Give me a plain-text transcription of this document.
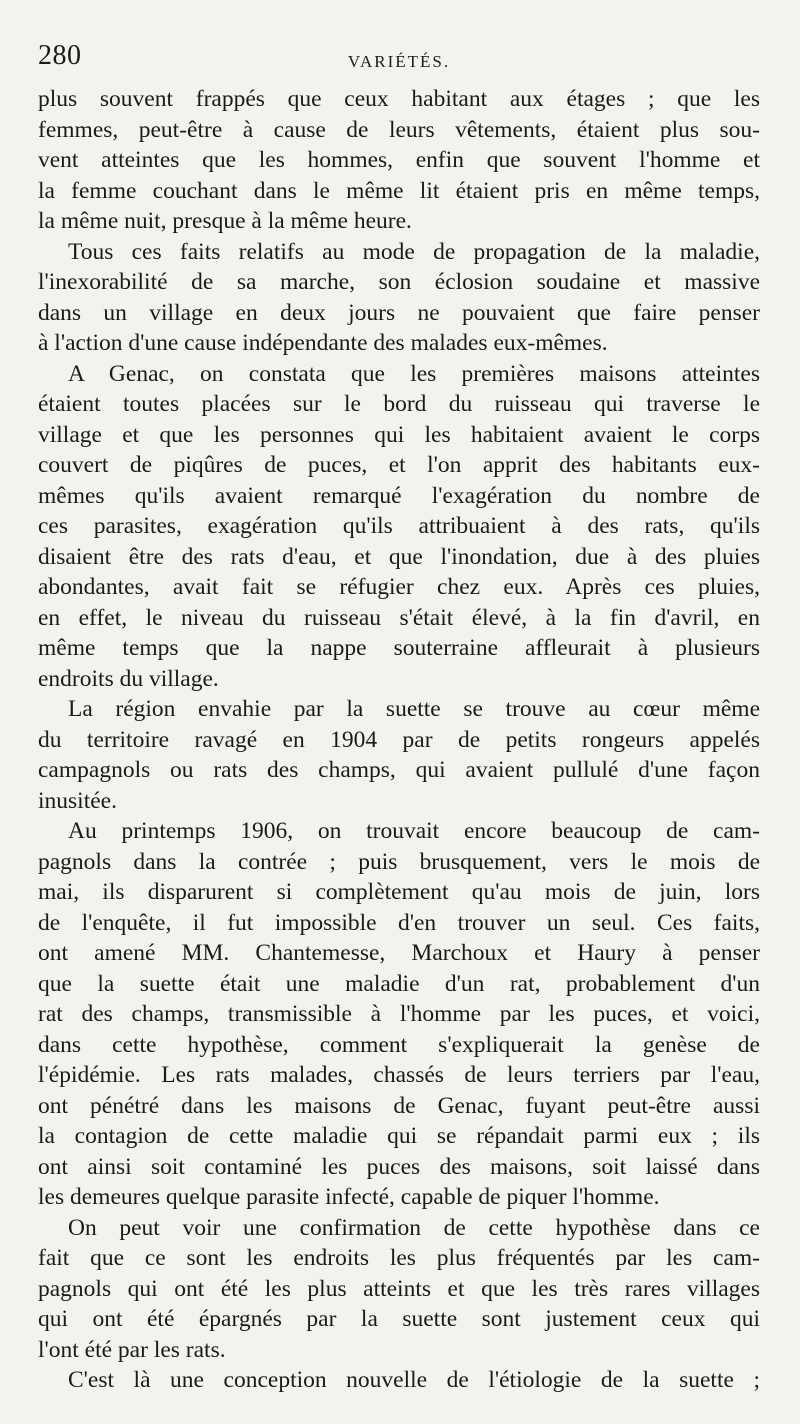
280	VARIÉTÉS.
plus souvent frappés que ceux habitant aux étages ; que les
femmes, peut-être à cause de leurs vêtements, étaient plus sou-
vent atteintes que les hommes, enfin que souvent l'homme et
la femme couchant dans le même lit étaient pris en même temps,
la même nuit, presque à la même heure.
Tous ces faits relatifs au mode de propagation de la maladie,
l'inexorabilité de sa marche, son éclosion soudaine et massive
dans un village en deux jours ne pouvaient que faire penser
à l'action d'une cause indépendante des malades eux-mêmes.
A Genac, on constata que les premières maisons atteintes
étaient toutes placées sur le bord du ruisseau qui traverse le
village et que les personnes qui les habitaient avaient le corps
couvert de piqûres de puces, et l'on apprit des habitants eux-
mêmes qu'ils avaient remarqué l'exagération du nombre de
ces parasites, exagération qu'ils attribuaient à des rats, qu'ils
disaient être des rats d'eau, et que l'inondation, due à des pluies
abondantes, avait fait se réfugier chez eux. Après ces pluies,
en effet, le niveau du ruisseau s'était élevé, à la fin d'avril, en
même temps que la nappe souterraine affleurait à plusieurs
endroits du village.
La région envahie par la suette se trouve au cœur même
du territoire ravagé en 1904 par de petits rongeurs appelés
campagnols ou rats des champs, qui avaient pullulé d'une façon
inusitée.
Au printemps 1906, on trouvait encore beaucoup de cam-
pagnols dans la contrée ; puis brusquement, vers le mois de
mai, ils disparurent si complètement qu'au mois de juin, lors
de l'enquête, il fut impossible d'en trouver un seul. Ces faits,
ont amené MM. Chantemesse, Marchoux et Haury à penser
que la suette était une maladie d'un rat, probablement d'un
rat des champs, transmissible à l'homme par les puces, et voici,
dans cette hypothèse, comment s'expliquerait la genèse de
l'épidémie. Les rats malades, chassés de leurs terriers par l'eau,
ont pénétré dans les maisons de Genac, fuyant peut-être aussi
la contagion de cette maladie qui se répandait parmi eux ; ils
ont ainsi soit contaminé les puces des maisons, soit laissé dans
les demeures quelque parasite infecté, capable de piquer l'homme.
On peut voir une confirmation de cette hypothèse dans ce
fait que ce sont les endroits les plus fréquentés par les cam-
pagnols qui ont été les plus atteints et que les très rares villages
qui ont été épargnés par la suette sont justement ceux qui
l'ont été par les rats.
C'est là une conception nouvelle de l'étiologie de la suette ;
